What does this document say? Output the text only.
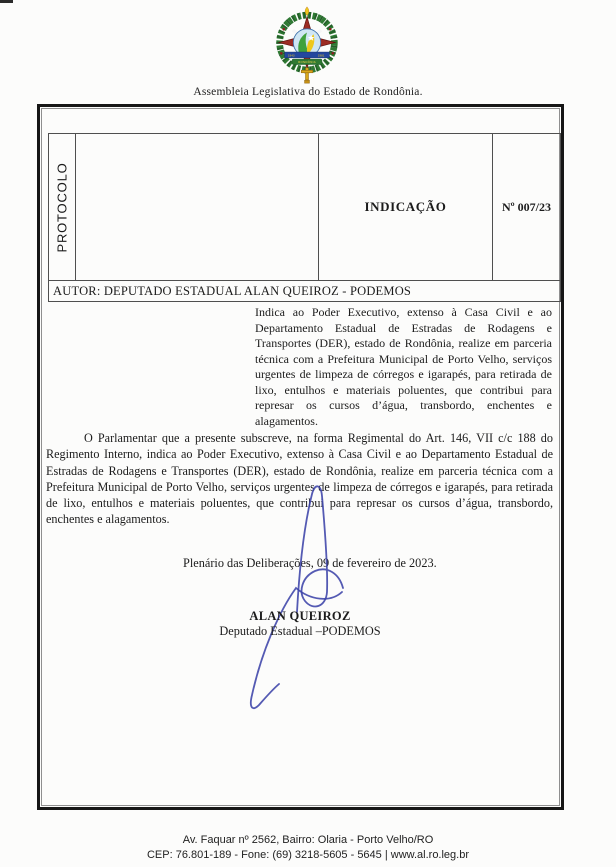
1943	1981
RONDÔNIA
Assembleia Legislativa do Estado de Rondônia.
PROTOCOLO	INDICAÇÃO	Nº 007/23
AUTOR: DEPUTADO ESTADUAL ALAN QUEIROZ - PODEMOS
Indica ao Poder Executivo, extenso à Casa Civil e ao Departamento Estadual de Estradas de Rodagens e Transportes (DER), estado de Rondônia, realize em parceria técnica com a Prefeitura Municipal de Porto Velho, serviços urgentes de limpeza de córregos e igarapés, para retirada de lixo, entulhos e materiais poluentes, que contribui para represar os cursos d’água, transbordo, enchentes e alagamentos.
O Parlamentar que a presente subscreve, na forma Regimental do Art. 146, VII c/c 188 do Regimento Interno, indica ao Poder Executivo, extenso à Casa Civil e ao Departamento Estadual de Estradas de Rodagens e Transportes (DER), estado de Rondônia, realize em parceria técnica com a Prefeitura Municipal de Porto Velho, serviços urgentes de limpeza de córregos e igarapés, para retirada de lixo, entulhos e materiais poluentes, que contribui para represar os cursos d’água, transbordo, enchentes e alagamentos.
Plenário das Deliberações, 09 de fevereiro de 2023.
ALAN QUEIROZ
Deputado Estadual –PODEMOS
Av. Faquar nº 2562, Bairro: Olaria - Porto Velho/RO
CEP: 76.801-189 - Fone: (69) 3218-5605 - 5645 | www.al.ro.leg.br
